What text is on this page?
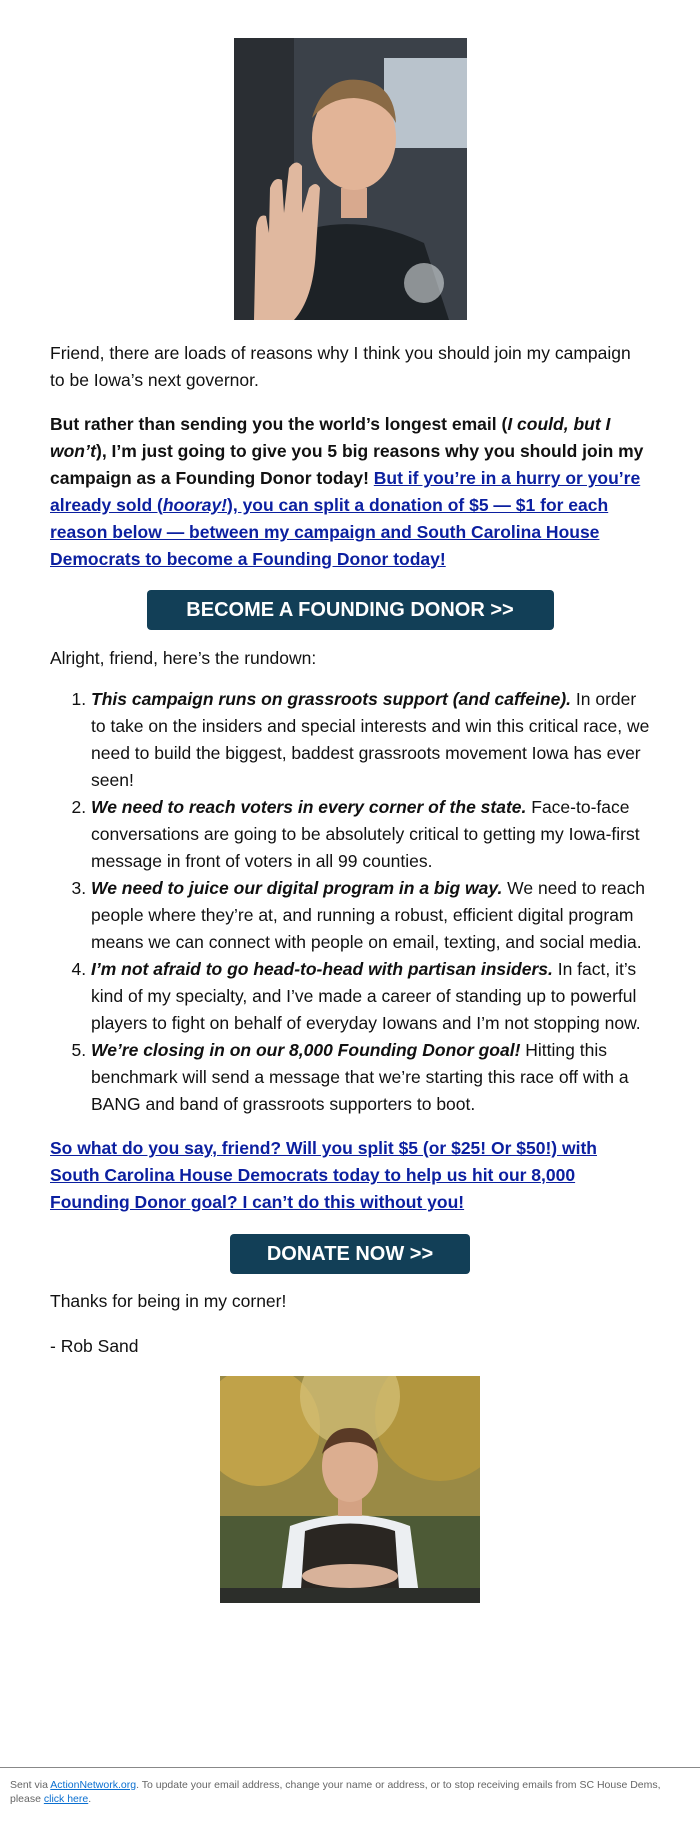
Friend, there are loads of reasons why I think you should join my campaign to be Iowa’s next governor.

But rather than sending you the world’s longest email (I could, but I won’t), I’m just going to give you 5 big reasons why you should join my campaign as a Founding Donor today! But if you’re in a hurry or you’re already sold (hooray!), you can split a donation of $5 — $1 for each reason below — between my campaign and South Carolina House Democrats to become a Founding Donor today!

BECOME A FOUNDING DONOR >>

Alright, friend, here’s the rundown:

1. This campaign runs on grassroots support (and caffeine). In order to take on the insiders and special interests and win this critical race, we need to build the biggest, baddest grassroots movement Iowa has ever seen!
2. We need to reach voters in every corner of the state. Face-to-face conversations are going to be absolutely critical to getting my Iowa-first message in front of voters in all 99 counties.
3. We need to juice our digital program in a big way. We need to reach people where they’re at, and running a robust, efficient digital program means we can connect with people on email, texting, and social media.
4. I’m not afraid to go head-to-head with partisan insiders. In fact, it’s kind of my specialty, and I’ve made a career of standing up to powerful players to fight on behalf of everyday Iowans and I’m not stopping now.
5. We’re closing in on our 8,000 Founding Donor goal! Hitting this benchmark will send a message that we’re starting this race off with a BANG and band of grassroots supporters to boot.

So what do you say, friend? Will you split $5 (or $25! Or $50!) with South Carolina House Democrats today to help us hit our 8,000 Founding Donor goal? I can’t do this without you!

DONATE NOW >>

Thanks for being in my corner!

- Rob Sand

Sent via ActionNetwork.org. To update your email address, change your name or address, or to stop receiving emails from SC House Dems, please click here.
